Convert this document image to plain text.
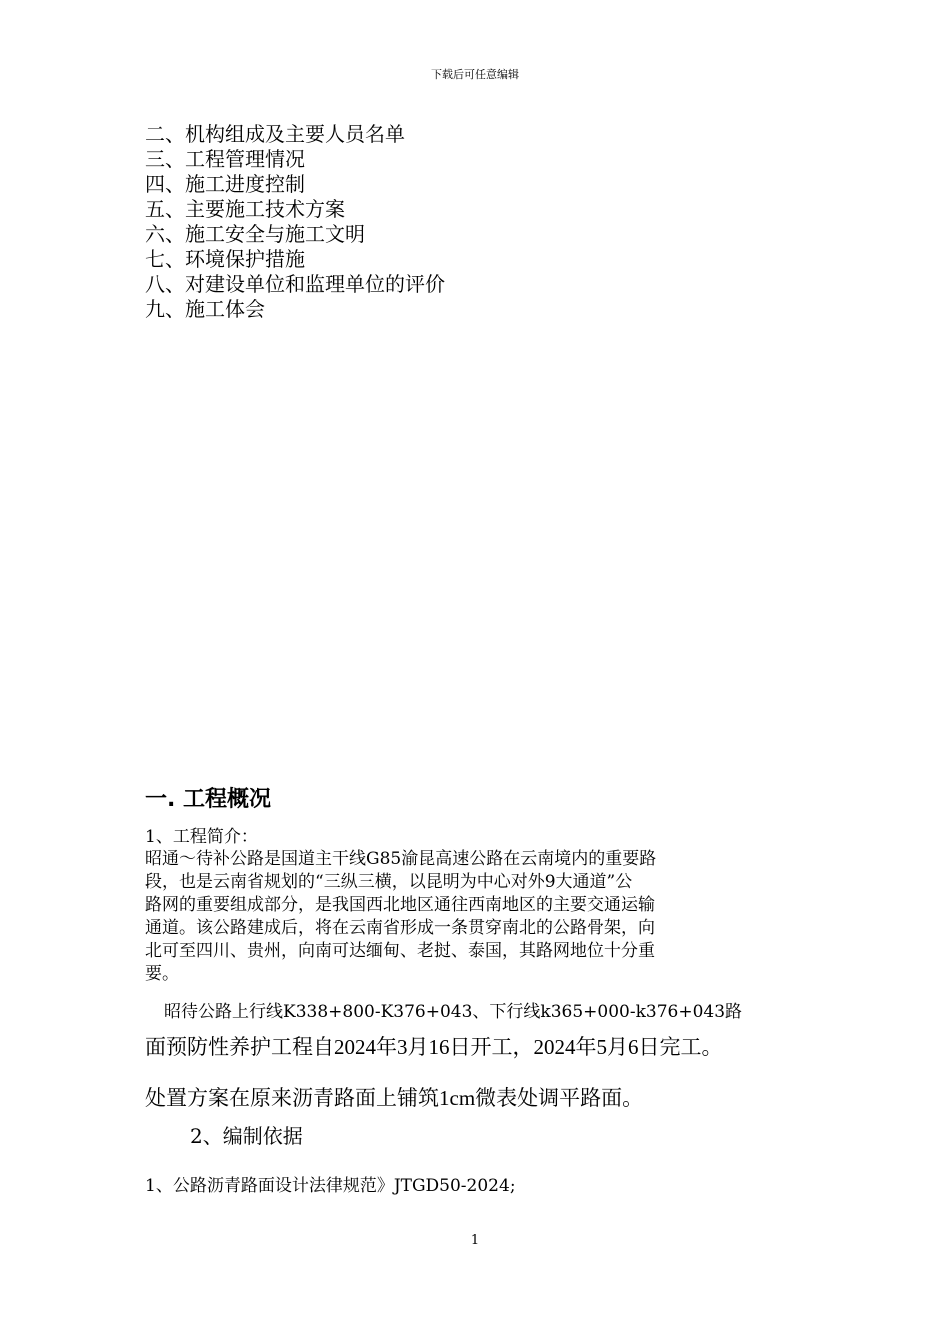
下载后可任意编辑
二、机构组成及主要人员名单
三、工程管理情况
四、施工进度控制
五、主要施工技术方案
六、施工安全与施工文明
七、环境保护措施
八、对建设单位和监理单位的评价
九、施工体会
一. 工程概况
1、工程简介：
昭通～待补公路是国道主干线G85渝昆高速公路在云南境内的重要路
段，也是云南省规划的“三纵三横，以昆明为中心对外9大通道”公
路网的重要组成部分，是我国西北地区通往西南地区的主要交通运输
通道。该公路建成后，将在云南省形成一条贯穿南北的公路骨架，向
北可至四川、贵州，向南可达缅甸、老挝、泰国，其路网地位十分重
要。
昭待公路上行线K338+800-K376+043、下行线k365+000-k376+043路
面预防性养护工程自2024年3月16日开工，2024年5月6日完工。
处置方案在原来沥青路面上铺筑1cm微表处调平路面。
2、编制依据
1、公路沥青路面设计法律规范》JTGD50-2024;
1
